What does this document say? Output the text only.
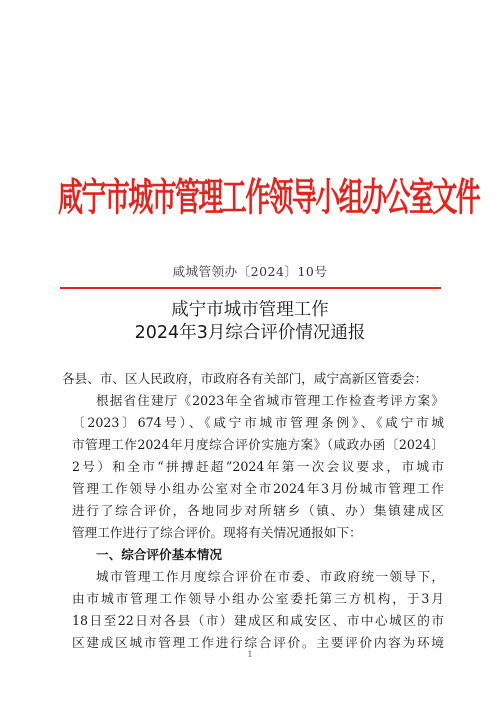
咸宁市城市管理工作领导小组办公室文件
咸城管领办〔2024〕10号
咸宁市城市管理工作
2024年3月综合评价情况通报
各县、市、区人民政府，市政府各有关部门，咸宁高新区管委会：
根据省住建厅《2023年全省城市管理工作检查考评方案》
〔2023〕674号）、《咸宁市城市管理条例》、《咸宁市城
市管理工作2024年月度综合评价实施方案》（咸政办函〔2024〕
2号）和全市“拼搏赶超”2024年第一次会议要求，市城市
管理工作领导小组办公室对全市2024年3月份城市管理工作
进行了综合评价，各地同步对所辖乡（镇、办）集镇建成区
管理工作进行了综合评价。现将有关情况通报如下：
一、综合评价基本情况
城市管理工作月度综合评价在市委、市政府统一领导下，
由市城市管理工作领导小组办公室委托第三方机构，于3月
18日至22日对各县（市）建成区和咸安区、市中心城区的市
区建成区城市管理工作进行综合评价。主要评价内容为环境
1
